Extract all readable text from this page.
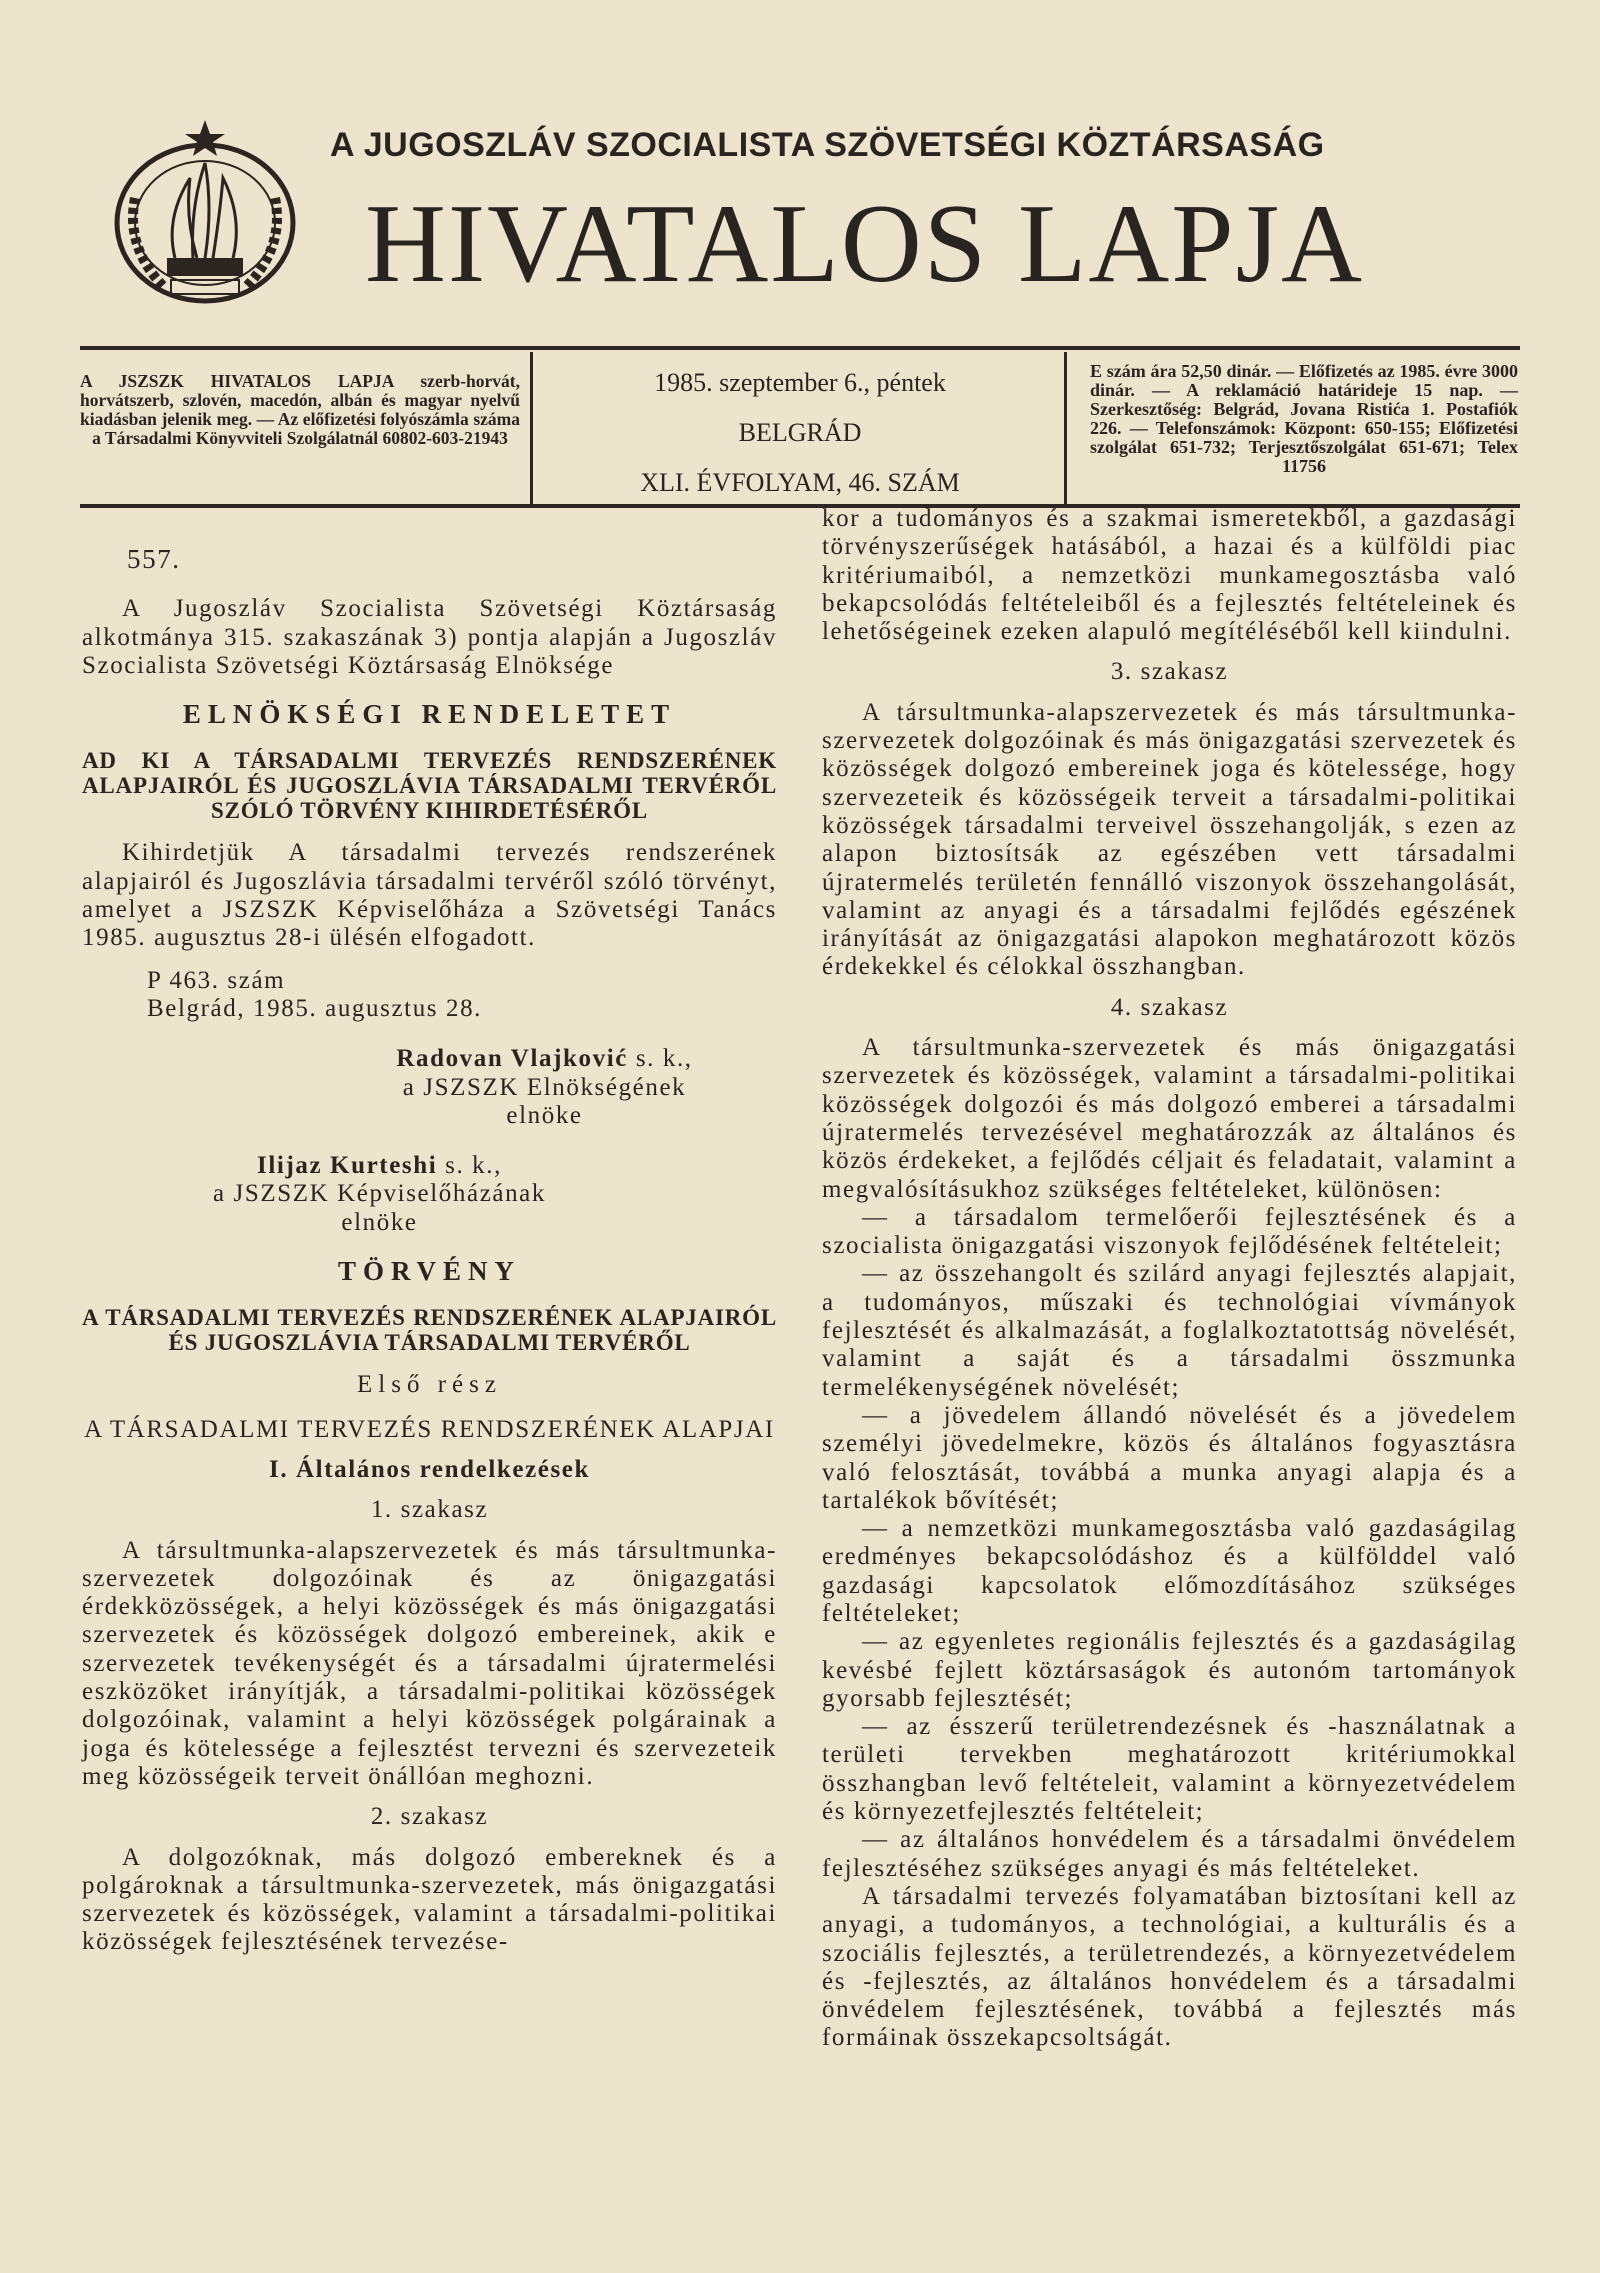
A JUGOSZLÁV SZOCIALISTA SZÖVETSÉGI KÖZTÁRSASÁG
HIVATALOS LAPJA
A JSZSZK HIVATALOS LAPJA szerb-horvát, horvátszerb, szlovén, macedón, albán és magyar nyelvű kiadásban jelenik meg. — Az előfizetési folyószámla száma a Társadalmi Könyvviteli Szolgálatnál 60802-603-21943
1985. szeptember 6., péntek
BELGRÁD
XLI. ÉVFOLYAM, 46. SZÁM
E szám ára 52,50 dinár. — Előfizetés az 1985. évre 3000 dinár. — A reklamáció határideje 15 nap. — Szerkesztőség: Belgrád, Jovana Ristića 1. Postafiók 226. — Telefonszámok: Központ: 650-155; Előfizetési szolgálat 651-732; Terjesztőszolgálat 651-671; Telex 11756
557.

A Jugoszláv Szocialista Szövetségi Köztársaság alkotmánya 315. szakaszának 3) pontja alapján a Jugoszláv Szocialista Szövetségi Köztársaság Elnöksége

ELNÖKSÉGI RENDELETET
AD KI A TÁRSADALMI TERVEZÉS RENDSZERÉNEK ALAPJAIRÓL ÉS JUGOSZLÁVIA TÁRSADALMI TERVÉRŐL SZÓLÓ TÖRVÉNY KIHIRDETÉSÉRŐL

Kihirdetjük A társadalmi tervezés rendszerének alapjairól és Jugoszlávia társadalmi tervéről szóló törvényt, amelyet a JSZSZK Képviselőháza a Szövetségi Tanács 1985. augusztus 28-i ülésén elfogadott.

P 463. szám
Belgrád, 1985. augusztus 28.
Radovan Vlajković s. k.,
a JSZSZK Elnökségének
elnöke
Ilijaz Kurteshi s. k.,
a JSZSZK Képviselőházának
elnöke
TÖRVÉNY
A TÁRSADALMI TERVEZÉS RENDSZERÉNEK ALAPJAIRÓL ÉS JUGOSZLÁVIA TÁRSADALMI TERVÉRŐL
Első rész
A TÁRSADALMI TERVEZÉS RENDSZERÉNEK ALAPJAI
I. Általános rendelkezések
1. szakasz

A társultmunka-alapszervezetek és más társultmunka-szervezetek dolgozóinak és az önigazgatási érdekközösségek, a helyi közösségek és más önigazgatási szervezetek és közösségek dolgozó embereinek, akik e szervezetek tevékenységét és a társadalmi újratermelési eszközöket irányítják, a társadalmi-politikai közösségek dolgozóinak, valamint a helyi közösségek polgárainak a joga és kötelessége a fejlesztést tervezni és szervezeteik meg közösségeik terveit önállóan meghozni.

2. szakasz

A dolgozóknak, más dolgozó embereknek és a polgároknak a társultmunka-szervezetek, más önigazgatási szervezetek és közösségek, valamint a társadalmi-politikai közösségek fejlesztésének tervezése-

kor a tudományos és a szakmai ismeretekből, a gazdasági törvényszerűségek hatásából, a hazai és a külföldi piac kritériumaiból, a nemzetközi munkamegosztásba való bekapcsolódás feltételeiből és a fejlesztés feltételeinek és lehetőségeinek ezeken alapuló megítéléséből kell kiindulni.

3. szakasz

A társultmunka-alapszervezetek és más társultmunka-szervezetek dolgozóinak és más önigazgatási szervezetek és közösségek dolgozó embereinek joga és kötelessége, hogy szervezeteik és közösségeik terveit a társadalmi-politikai közösségek társadalmi terveivel összehangolják, s ezen az alapon biztosítsák az egészében vett társadalmi újratermelés területén fennálló viszonyok összehangolását, valamint az anyagi és a társadalmi fejlődés egészének irányítását az önigazgatási alapokon meghatározott közös érdekekkel és célokkal összhangban.

4. szakasz

A társultmunka-szervezetek és más önigazgatási szervezetek és közösségek, valamint a társadalmi-politikai közösségek dolgozói és más dolgozó emberei a társadalmi újratermelés tervezésével meghatározzák az általános és közös érdekeket, a fejlődés céljait és feladatait, valamint a megvalósításukhoz szükséges feltételeket, különösen:

— a társadalom termelőerői fejlesztésének és a szocialista önigazgatási viszonyok fejlődésének feltételeit;

— az összehangolt és szilárd anyagi fejlesztés alapjait, a tudományos, műszaki és technológiai vívmányok fejlesztését és alkalmazását, a foglalkoztatottság növelését, valamint a saját és a társadalmi összmunka termelékenységének növelését;

— a jövedelem állandó növelését és a jövedelem személyi jövedelmekre, közös és általános fogyasztásra való felosztását, továbbá a munka anyagi alapja és a tartalékok bővítését;

— a nemzetközi munkamegosztásba való gazdaságilag eredményes bekapcsolódáshoz és a külfölddel való gazdasági kapcsolatok előmozdításához szükséges feltételeket;

— az egyenletes regionális fejlesztés és a gazdaságilag kevésbé fejlett köztársaságok és autonóm tartományok gyorsabb fejlesztését;

— az ésszerű területrendezésnek és -használatnak a területi tervekben meghatározott kritériumokkal összhangban levő feltételeit, valamint a környezetvédelem és környezetfejlesztés feltételeit;

— az általános honvédelem és a társadalmi önvédelem fejlesztéséhez szükséges anyagi és más feltételeket.

A társadalmi tervezés folyamatában biztosítani kell az anyagi, a tudományos, a technológiai, a kulturális és a szociális fejlesztés, a területrendezés, a környezetvédelem és -fejlesztés, az általános honvédelem és a társadalmi önvédelem fejlesztésének, továbbá a fejlesztés más formáinak összekapcsoltságát.
